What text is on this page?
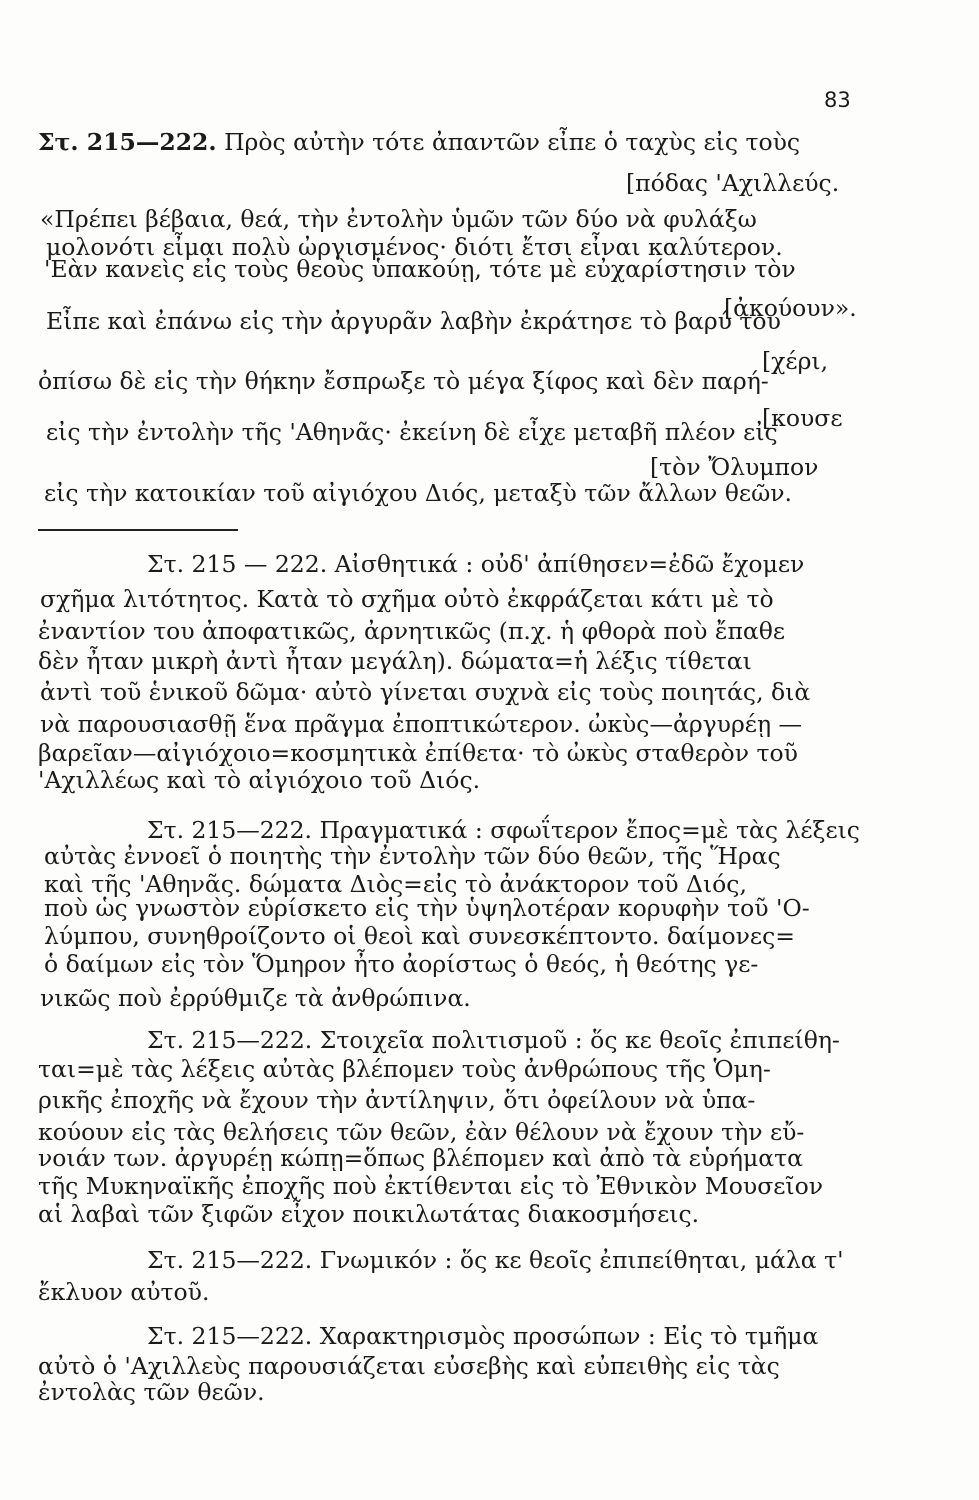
83
Στ. 215—222. Πρὸς αὐτὴν τότε ἀπαντῶν εἶπε ὁ ταχὺς εἰς τοὺς
[πόδας 'Αχιλλεύς.
«Πρέπει βέβαια, θεά, τὴν ἐντολὴν ὑμῶν τῶν δύο νὰ φυλάξω
μολονότι εἶμαι πολὺ ὠργισμένος· διότι ἔτσι εἶναι καλύτερον.
'Εὰν κανεὶς εἰς τοὺς θεοὺς ὑπακούῃ, τότε μὲ εὐχαρίστησιν τὸν
[ἀκούουν».
Εἶπε καὶ ἐπάνω εἰς τὴν ἀργυρᾶν λαβὴν ἐκράτησε τὸ βαρύ του
[χέρι,
ὀπίσω δὲ εἰς τὴν θήκην ἔσπρωξε τὸ μέγα ξίφος καὶ δὲν παρή-
[κουσε
εἰς τὴν ἐντολὴν τῆς 'Αθηνᾶς· ἐκείνη δὲ εἶχε μεταβῆ πλέον εἰς
[τὸν Ὄλυμπον
εἰς τὴν κατοικίαν τοῦ αἰγιόχου Διός, μεταξὺ τῶν ἄλλων θεῶν.
Στ. 215 — 222. Αἰσθητικά : οὐδ' ἀπίθησεν=ἐδῶ ἔχομεν
σχῆμα λιτότητος. Κατὰ τὸ σχῆμα οὐτὸ ἐκφράζεται κάτι μὲ τὸ
ἐναντίον του ἀποφατικῶς, ἀρνητικῶς (π.χ. ἡ φθορὰ ποὺ ἔπαθε
δὲν ἦταν μικρὴ ἀντὶ ἦταν μεγάλη). δώματα=ἡ λέξις τίθεται
ἀντὶ τοῦ ἑνικοῦ δῶμα· αὐτὸ γίνεται συχνὰ εἰς τοὺς ποιητάς, διὰ
νὰ παρουσιασθῇ ἕνα πρᾶγμα ἐποπτικώτερον. ὠκὺς—ἀργυρέῃ —
βαρεῖαν—αἰγιόχοιο=κοσμητικὰ ἐπίθετα· τὸ ὠκὺς σταθερὸν τοῦ
'Αχιλλέως καὶ τὸ αἰγιόχοιο τοῦ Διός.
Στ. 215—222. Πραγματικά : σφωΐτερον ἔπος=μὲ τὰς λέξεις
αὐτὰς ἐννοεῖ ὁ ποιητὴς τὴν ἐντολὴν τῶν δύο θεῶν, τῆς Ἥρας
καὶ τῆς 'Αθηνᾶς. δώματα Διὸς=εἰς τὸ ἀνάκτορον τοῦ Διός,
ποὺ ὡς γνωστὸν εὑρίσκετο εἰς τὴν ὑψηλοτέραν κορυφὴν τοῦ 'Ο-
λύμπου, συνηθροίζοντο οἱ θεοὶ καὶ συνεσκέπτοντο. δαίμονες=
ὁ δαίμων εἰς τὸν Ὅμηρον ἦτο ἀορίστως ὁ θεός, ἡ θεότης γε-
νικῶς ποὺ ἐρρύθμιζε τὰ ἀνθρώπινα.
Στ. 215—222. Στοιχεῖα πολιτισμοῦ : ὅς κε θεοῖς ἐπιπείθη-
ται=μὲ τὰς λέξεις αὐτὰς βλέπομεν τοὺς ἀνθρώπους τῆς Ὁμη-
ρικῆς ἐποχῆς νὰ ἔχουν τὴν ἀντίληψιν, ὅτι ὀφείλουν νὰ ὑπα-
κούουν εἰς τὰς θελήσεις τῶν θεῶν, ἐὰν θέλουν νὰ ἔχουν τὴν εὔ-
νοιάν των. ἀργυρέῃ κώπῃ=ὅπως βλέπομεν καὶ ἀπὸ τὰ εὑρήματα
τῆς Μυκηναϊκῆς ἐποχῆς ποὺ ἐκτίθενται εἰς τὸ Ἐθνικὸν Μουσεῖον
αἱ λαβαὶ τῶν ξιφῶν εἶχον ποικιλωτάτας διακοσμήσεις.
Στ. 215—222. Γνωμικόν : ὅς κε θεοῖς ἐπιπείθηται, μάλα τ'
ἔκλυον αὐτοῦ.
Στ. 215—222. Χαρακτηρισμὸς προσώπων : Εἰς τὸ τμῆμα
αὐτὸ ὁ 'Αχιλλεὺς παρουσιάζεται εὐσεβὴς καὶ εὐπειθὴς εἰς τὰς
ἐντολὰς τῶν θεῶν.
